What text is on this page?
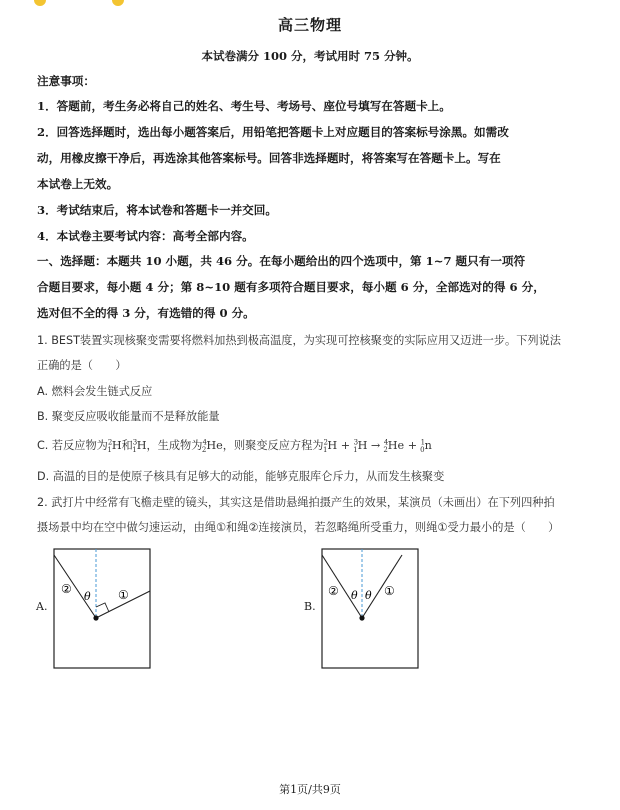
高三物理
本试卷满分 100 分，考试用时 75 分钟。
注意事项：
1．答题前，考生务必将自己的姓名、考生号、考场号、座位号填写在答题卡上。
2．回答选择题时，选出每小题答案后，用铅笔把答题卡上对应题目的答案标号涂黑。如需改
动，用橡皮擦干净后，再选涂其他答案标号。回答非选择题时，将答案写在答题卡上。写在
本试卷上无效。
3．考试结束后，将本试卷和答题卡一并交回。
4．本试卷主要考试内容：高考全部内容。
一、选择题：本题共 10 小题，共 46 分。在每小题给出的四个选项中，第 1~7 题只有一项符
合题目要求，每小题 4 分；第 8~10 题有多项符合题目要求，每小题 6 分，全部选对的得 6 分，
选对但不全的得 3 分，有选错的得 0 分。
1. BEST装置实现核聚变需要将燃料加热到极高温度，为实现可控核聚变的实际应用又迈进一步。下列说法
正确的是（　　）
A. 燃料会发生链式反应
B. 聚变反应吸收能量而不是释放能量
C. 若反应物为$^2_1$H和$^3_1$H，生成物为$^4_2$He，则聚变反应方程为$^2_1$H + $^3_1$H → $^4_2$He + $^1_0$n
D. 高温的目的是使原子核具有足够大的动能，能够克服库仑斥力，从而发生核聚变
2. 武打片中经常有飞檐走壁的镜头，其实这是借助悬绳拍摄产生的效果，某演员（未画出）在下列四种拍
摄场景中均在空中做匀速运动，由绳①和绳②连接演员，若忽略绳所受重力，则绳①受力最小的是（　　）
A.
θ
②	①
B.
θ θ
②	①
第1页/共9页
